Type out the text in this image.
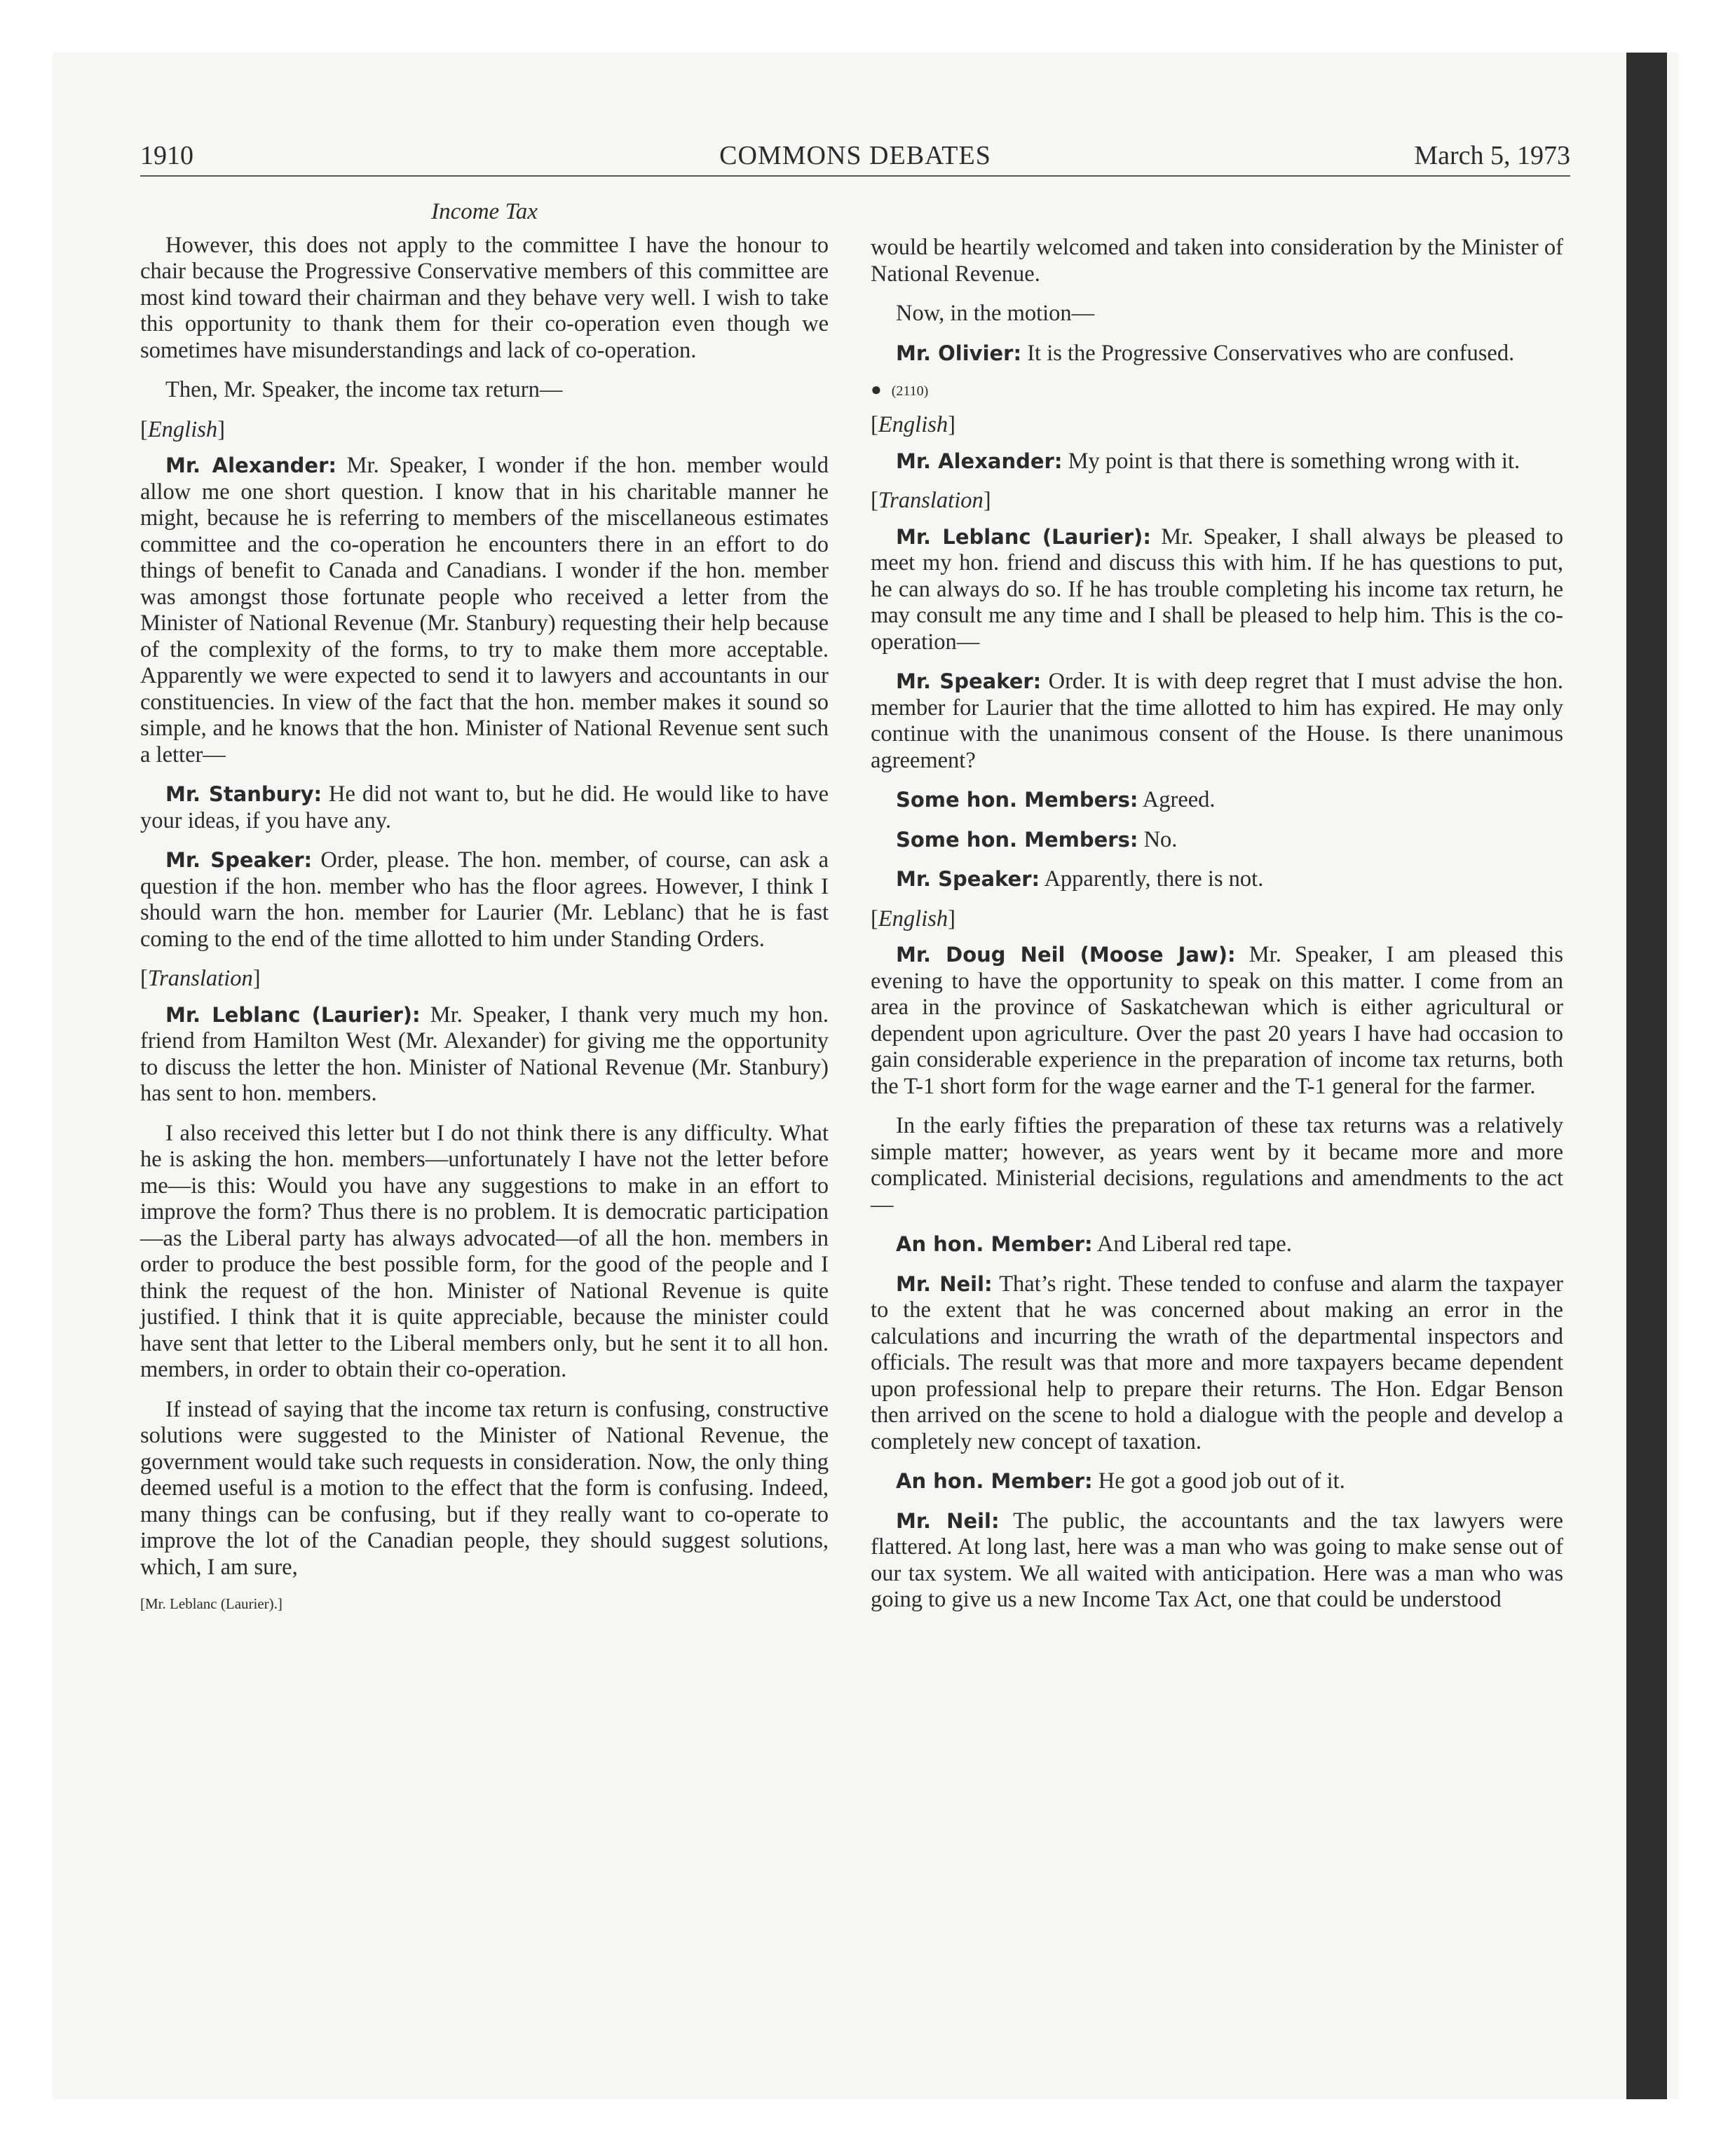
1910	COMMONS DEBATES	March 5, 1973
Income Tax

However, this does not apply to the committee I have the honour to chair because the Progressive Conservative members of this committee are most kind toward their chairman and they behave very well. I wish to take this opportunity to thank them for their co-operation even though we sometimes have misunderstandings and lack of co-operation.

Then, Mr. Speaker, the income tax return—

[English]

Mr. Alexander: Mr. Speaker, I wonder if the hon. member would allow me one short question. I know that in his charitable manner he might, because he is referring to members of the miscellaneous estimates committee and the co-operation he encounters there in an effort to do things of benefit to Canada and Canadians. I wonder if the hon. member was amongst those fortunate people who received a letter from the Minister of National Revenue (Mr. Stanbury) requesting their help because of the complexity of the forms, to try to make them more acceptable. Apparently we were expected to send it to lawyers and accountants in our constituencies. In view of the fact that the hon. member makes it sound so simple, and he knows that the hon. Minister of National Revenue sent such a letter—

Mr. Stanbury: He did not want to, but he did. He would like to have your ideas, if you have any.

Mr. Speaker: Order, please. The hon. member, of course, can ask a question if the hon. member who has the floor agrees. However, I think I should warn the hon. member for Laurier (Mr. Leblanc) that he is fast coming to the end of the time allotted to him under Standing Orders.

[Translation]

Mr. Leblanc (Laurier): Mr. Speaker, I thank very much my hon. friend from Hamilton West (Mr. Alexander) for giving me the opportunity to discuss the letter the hon. Minister of National Revenue (Mr. Stanbury) has sent to hon. members.

I also received this letter but I do not think there is any difficulty. What he is asking the hon. members—unfortunately I have not the letter before me—is this: Would you have any suggestions to make in an effort to improve the form? Thus there is no problem. It is democratic participation—as the Liberal party has always advocated—of all the hon. members in order to produce the best possible form, for the good of the people and I think the request of the hon. Minister of National Revenue is quite justified. I think that it is quite appreciable, because the minister could have sent that letter to the Liberal members only, but he sent it to all hon. members, in order to obtain their co-operation.

If instead of saying that the income tax return is confusing, constructive solutions were suggested to the Minister of National Revenue, the government would take such requests in consideration. Now, the only thing deemed useful is a motion to the effect that the form is confusing. Indeed, many things can be confusing, but if they really want to co-operate to improve the lot of the Canadian people, they should suggest solutions, which, I am sure,

[Mr. Leblanc (Laurier).]

would be heartily welcomed and taken into consideration by the Minister of National Revenue.

Now, in the motion—

Mr. Olivier: It is the Progressive Conservatives who are confused.

● (2110)
[English]

Mr. Alexander: My point is that there is something wrong with it.

[Translation]

Mr. Leblanc (Laurier): Mr. Speaker, I shall always be pleased to meet my hon. friend and discuss this with him. If he has questions to put, he can always do so. If he has trouble completing his income tax return, he may consult me any time and I shall be pleased to help him. This is the co-operation—

Mr. Speaker: Order. It is with deep regret that I must advise the hon. member for Laurier that the time allotted to him has expired. He may only continue with the unanimous consent of the House. Is there unanimous agreement?

Some hon. Members: Agreed.

Some hon. Members: No.

Mr. Speaker: Apparently, there is not.

[English]

Mr. Doug Neil (Moose Jaw): Mr. Speaker, I am pleased this evening to have the opportunity to speak on this matter. I come from an area in the province of Saskatchewan which is either agricultural or dependent upon agriculture. Over the past 20 years I have had occasion to gain considerable experience in the preparation of income tax returns, both the T-1 short form for the wage earner and the T-1 general for the farmer.

In the early fifties the preparation of these tax returns was a relatively simple matter; however, as years went by it became more and more complicated. Ministerial decisions, regulations and amendments to the act—

An hon. Member: And Liberal red tape.

Mr. Neil: That’s right. These tended to confuse and alarm the taxpayer to the extent that he was concerned about making an error in the calculations and incurring the wrath of the departmental inspectors and officials. The result was that more and more taxpayers became dependent upon professional help to prepare their returns. The Hon. Edgar Benson then arrived on the scene to hold a dialogue with the people and develop a completely new concept of taxation.

An hon. Member: He got a good job out of it.

Mr. Neil: The public, the accountants and the tax lawyers were flattered. At long last, here was a man who was going to make sense out of our tax system. We all waited with anticipation. Here was a man who was going to give us a new Income Tax Act, one that could be understood
